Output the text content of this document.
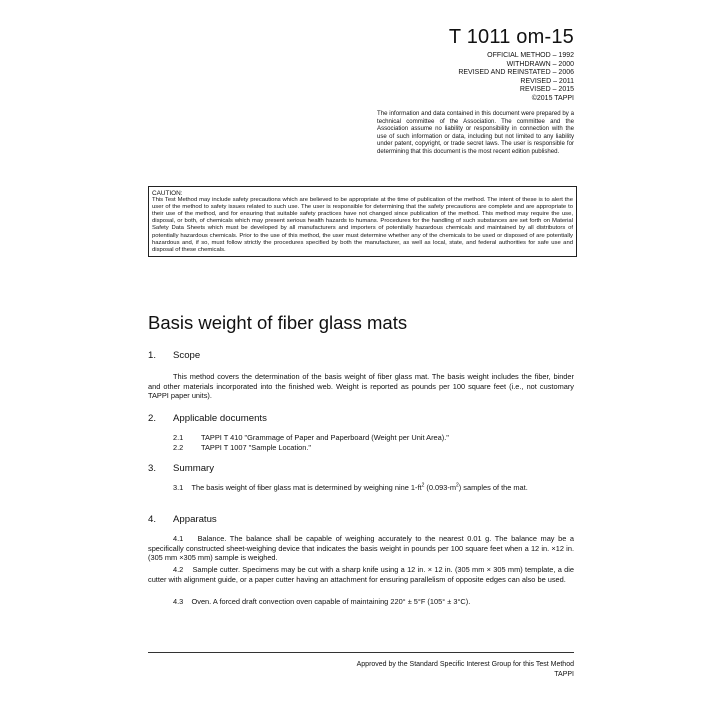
T 1011 om-15
OFFICIAL METHOD – 1992
WITHDRAWN – 2000
REVISED AND REINSTATED – 2006
REVISED – 2011
REVISED – 2015
©2015 TAPPI
The information and data contained in this document were prepared by a technical committee of the Association. The committee and the Association assume no liability or responsibility in connection with the use of such information or data, including but not limited to any liability under patent, copyright, or trade secret laws. The user is responsible for determining that this document is the most recent edition published.
CAUTION:
This Test Method may include safety precautions which are believed to be appropriate at the time of publication of the method. The intent of these is to alert the user of the method to safety issues related to such use. The user is responsible for determining that the safety precautions are complete and are appropriate to their use of the method, and for ensuring that suitable safety practices have not changed since publication of the method. This method may require the use, disposal, or both, of chemicals which may present serious health hazards to humans. Procedures for the handling of such substances are set forth on Material Safety Data Sheets which must be developed by all manufacturers and importers of potentially hazardous chemicals and maintained by all distributors of potentially hazardous chemicals. Prior to the use of this method, the user must determine whether any of the chemicals to be used or disposed of are potentially hazardous and, if so, must follow strictly the procedures specified by both the manufacturer, as well as local, state, and federal authorities for safe use and disposal of these chemicals.
Basis weight of fiber glass mats
1. Scope
This method covers the determination of the basis weight of fiber glass mat. The basis weight includes the fiber, binder and other materials incorporated into the finished web. Weight is reported as pounds per 100 square feet (i.e., not customary TAPPI paper units).
2. Applicable documents
2.1 TAPPI T 410 "Grammage of Paper and Paperboard (Weight per Unit Area)."
2.2 TAPPI T 1007 "Sample Location."
3. Summary
3.1 The basis weight of fiber glass mat is determined by weighing nine $1-ft^2$ $(0.093-m^2)$ samples of the mat.
4. Apparatus
4.1 Balance. The balance shall be capable of weighing accurately to the nearest 0.01 g. The balance may be a specifically constructed sheet-weighing device that indicates the basis weight in pounds per 100 square feet when a 12 in. ×12 in. (305 mm ×305 mm) sample is weighed.
4.2 Sample cutter. Specimens may be cut with a sharp knife using a 12 in. × 12 in. (305 mm × 305 mm) template, a die cutter with alignment guide, or a paper cutter having an attachment for ensuring parallelism of opposite edges can also be used.
4.3 Oven. A forced draft convection oven capable of maintaining 220° ± 5°F (105° ± 3°C).
Approved by the Standard Specific Interest Group for this Test Method
TAPPI
